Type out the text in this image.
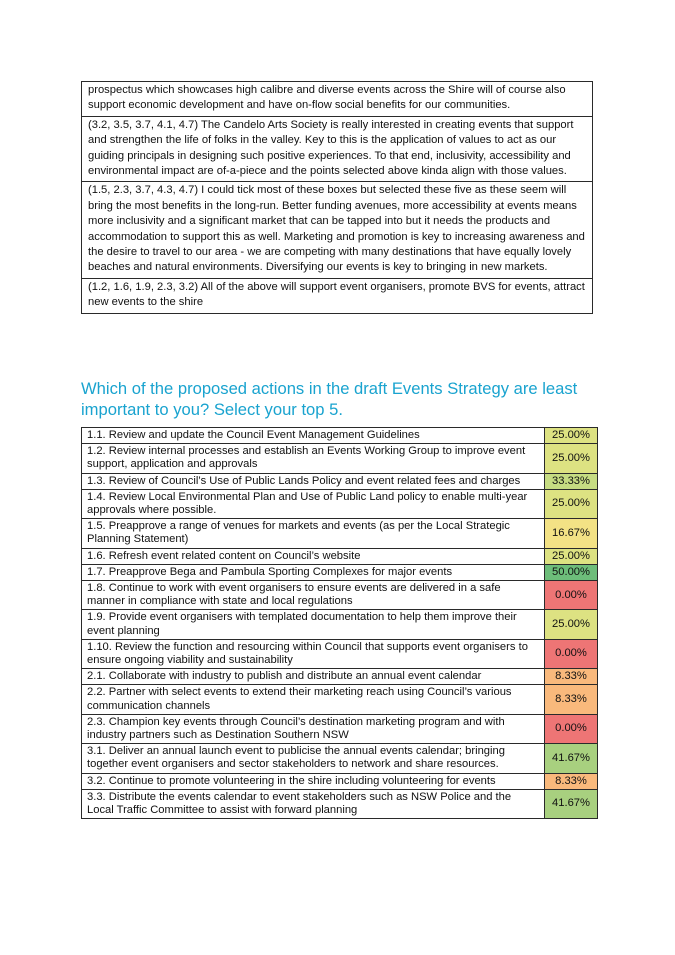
prospectus which showcases high calibre and diverse events across the Shire will of course also support economic development and have on-flow social benefits for our communities.
(3.2, 3.5, 3.7, 4.1, 4.7) The Candelo Arts Society is really interested in creating events that support and strengthen the life of folks in the valley. Key to this is the application of values to act as our guiding principals in designing such positive experiences. To that end, inclusivity, accessibility and environmental impact are of-a-piece and the points selected above kinda align with those values.
(1.5, 2.3, 3.7, 4.3, 4.7) I could tick most of these boxes but selected these five as these seem will bring the most benefits in the long-run. Better funding avenues, more accessibility at events means more inclusivity and a significant market that can be tapped into but it needs the products and accommodation to support this as well. Marketing and promotion is key to increasing awareness and the desire to travel to our area - we are competing with many destinations that have equally lovely beaches and natural environments. Diversifying our events is key to bringing in new markets.
(1.2, 1.6, 1.9, 2.3, 3.2) All of the above will support event organisers, promote BVS for events, attract new events to the shire
Which of the proposed actions in the draft Events Strategy are least important to you? Select your top 5.
1.1. Review and update the Council Event Management Guidelines	25.00%
1.2. Review internal processes and establish an Events Working Group to improve event support, application and approvals	25.00%
1.3. Review of Council’s Use of Public Lands Policy and event related fees and charges	33.33%
1.4. Review Local Environmental Plan and Use of Public Land policy to enable multi-year approvals where possible.	25.00%
1.5. Preapprove a range of venues for markets and events (as per the Local Strategic Planning Statement)	16.67%
1.6. Refresh event related content on Council’s website	25.00%
1.7. Preapprove Bega and Pambula Sporting Complexes for major events	50.00%
1.8. Continue to work with event organisers to ensure events are delivered in a safe manner in compliance with state and local regulations	0.00%
1.9. Provide event organisers with templated documentation to help them improve their event planning	25.00%
1.10. Review the function and resourcing within Council that supports event organisers to ensure ongoing viability and sustainability	0.00%
2.1. Collaborate with industry to publish and distribute an annual event calendar	8.33%
2.2. Partner with select events to extend their marketing reach using Council’s various communication channels	8.33%
2.3. Champion key events through Council’s destination marketing program and with industry partners such as Destination Southern NSW	0.00%
3.1. Deliver an annual launch event to publicise the annual events calendar; bringing together event organisers and sector stakeholders to network and share resources.	41.67%
3.2. Continue to promote volunteering in the shire including volunteering for events	8.33%
3.3. Distribute the events calendar to event stakeholders such as NSW Police and the Local Traffic Committee to assist with forward planning	41.67%
